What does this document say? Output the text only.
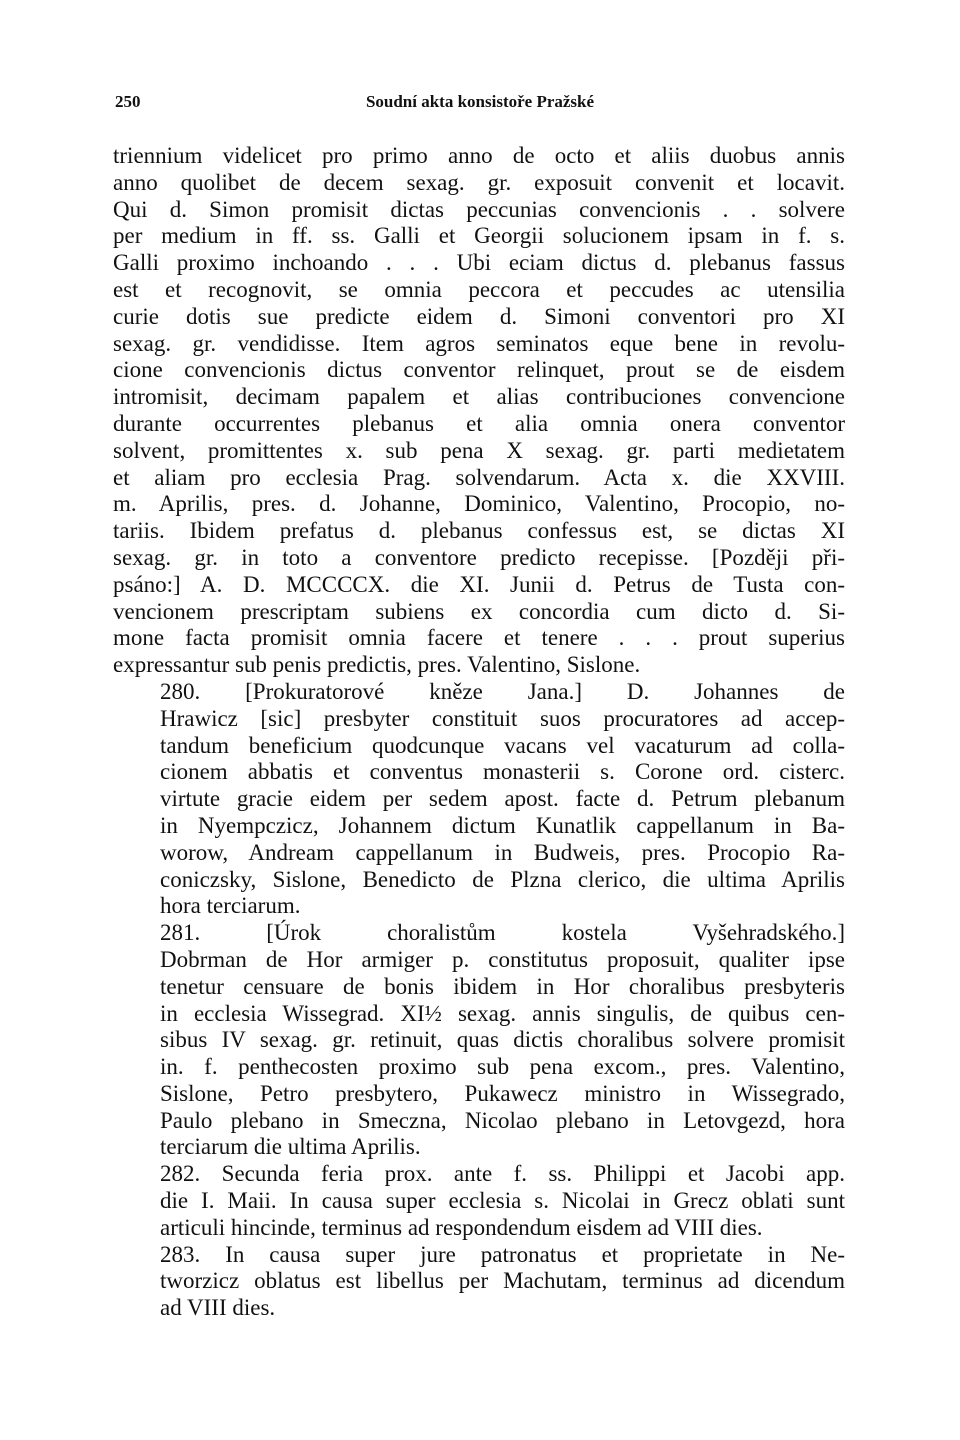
250	Soudní akta konsistoře Pražské
triennium videlicet pro primo anno de octo et aliis duobus annis
anno quolibet de decem sexag. gr. exposuit convenit et locavit.
Qui d. Simon promisit dictas peccunias convencionis . . solvere
per medium in ff. ss. Galli et Georgii solucionem ipsam in f. s.
Galli proximo inchoando . . . Ubi eciam dictus d. plebanus fassus
est et recognovit, se omnia peccora et peccudes ac utensilia
curie dotis sue predicte eidem d. Simoni conventori pro XI
sexag. gr. vendidisse. Item agros seminatos eque bene in revolu-
cione convencionis dictus conventor relinquet, prout se de eisdem
intromisit, decimam papalem et alias contribuciones convencione
durante occurrentes plebanus et alia omnia onera conventor
solvent, promittentes x. sub pena X sexag. gr. parti medietatem
et aliam pro ecclesia Prag. solvendarum. Acta x. die XXVIII.
m. Aprilis, pres. d. Johanne, Dominico, Valentino, Procopio, no-
tariis. Ibidem prefatus d. plebanus confessus est, se dictas XI
sexag. gr. in toto a conventore predicto recepisse. [Později při-
psáno:] A. D. MCCCCX. die XI. Junii d. Petrus de Tusta con-
vencionem prescriptam subiens ex concordia cum dicto d. Si-
mone facta promisit omnia facere et tenere . . . prout superius
expressantur sub penis predictis, pres. Valentino, Sislone.
280. [Prokuratorové kněze Jana.] D. Johannes de
Hrawicz [sic] presbyter constituit suos procuratores ad accep-
tandum beneficium quodcunque vacans vel vacaturum ad colla-
cionem abbatis et conventus monasterii s. Corone ord. cisterc.
virtute gracie eidem per sedem apost. facte d. Petrum plebanum
in Nyempczicz, Johannem dictum Kunatlik cappellanum in Ba-
worow, Andream cappellanum in Budweis, pres. Procopio Ra-
coniczsky, Sislone, Benedicto de Plzna clerico, die ultima Aprilis
hora terciarum.
281. [Úrok choralistům kostela Vyšehradského.]
Dobrman de Hor armiger p. constitutus proposuit, qualiter ipse
tenetur censuare de bonis ibidem in Hor choralibus presbyteris
in ecclesia Wissegrad. XI½ sexag. annis singulis, de quibus cen-
sibus IV sexag. gr. retinuit, quas dictis choralibus solvere promisit
in. f. penthecosten proximo sub pena excom., pres. Valentino,
Sislone, Petro presbytero, Pukawecz ministro in Wissegrado,
Paulo plebano in Smeczna, Nicolao plebano in Letovgezd, hora
terciarum die ultima Aprilis.
282. Secunda feria prox. ante f. ss. Philippi et Jacobi app.
die I. Maii. In causa super ecclesia s. Nicolai in Grecz oblati sunt
articuli hincinde, terminus ad respondendum eisdem ad VIII dies.
283. In causa super jure patronatus et proprietate in Ne-
tworzicz oblatus est libellus per Machutam, terminus ad dicendum
ad VIII dies.
